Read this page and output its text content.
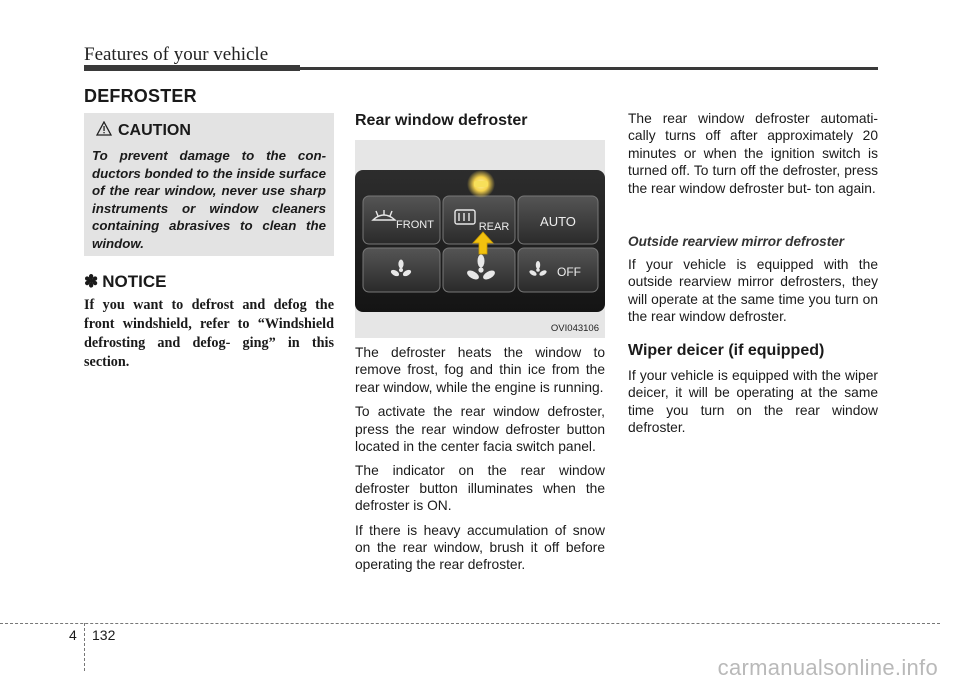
Features of your vehicle
DEFROSTER
CAUTION

To prevent damage to the con- ductors bonded to the inside surface of the rear window, never use sharp instruments or window cleaners containing abrasives to clean the window.

✽ NOTICE
If you want to defrost and defog the front windshield, refer to “Windshield defrosting and defog- ging” in this section.
Rear window defroster
FRONT	REAR AUTO
OFF
OVI043106

The defroster heats the window to remove frost, fog and thin ice from the rear window, while the engine is running.

To activate the rear window defroster, press the rear window defroster button located in the center facia switch panel.

The indicator on the rear window defroster button illuminates when the defroster is ON.

If there is heavy accumulation of snow on the rear window, brush it off before operating the rear defroster.

The rear window defroster automati- cally turns off after approximately 20 minutes or when the ignition switch is turned off. To turn off the defroster, press the rear window defroster but- ton again.
Outside rearview mirror defroster
If your vehicle is equipped with the outside rearview mirror defrosters, they will operate at the same time you turn on the rear window defroster.
Wiper deicer (if equipped)
If your vehicle is equipped with the wiper deicer, it will be operating at the same time you turn on the rear window defroster.
4 132
carmanualsonline.info
